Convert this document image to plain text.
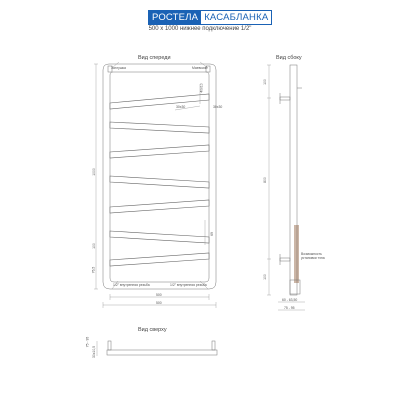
РОСТЕЛА КАСАБЛАНКА
500 x 1000 нижнее подключение 1/2"
Вид спереди	Вид сбоку
Вид сверху
Заглушка	Маевский
40x10
30x30	30x30
1000
100
69
76,5
1/2" внутренняя резьба	1/2" внутренняя резьба
500
500
100
800
100
Возможность установки тэна
60 - 63,50
75 - 95
75 - 95
30x10,5
